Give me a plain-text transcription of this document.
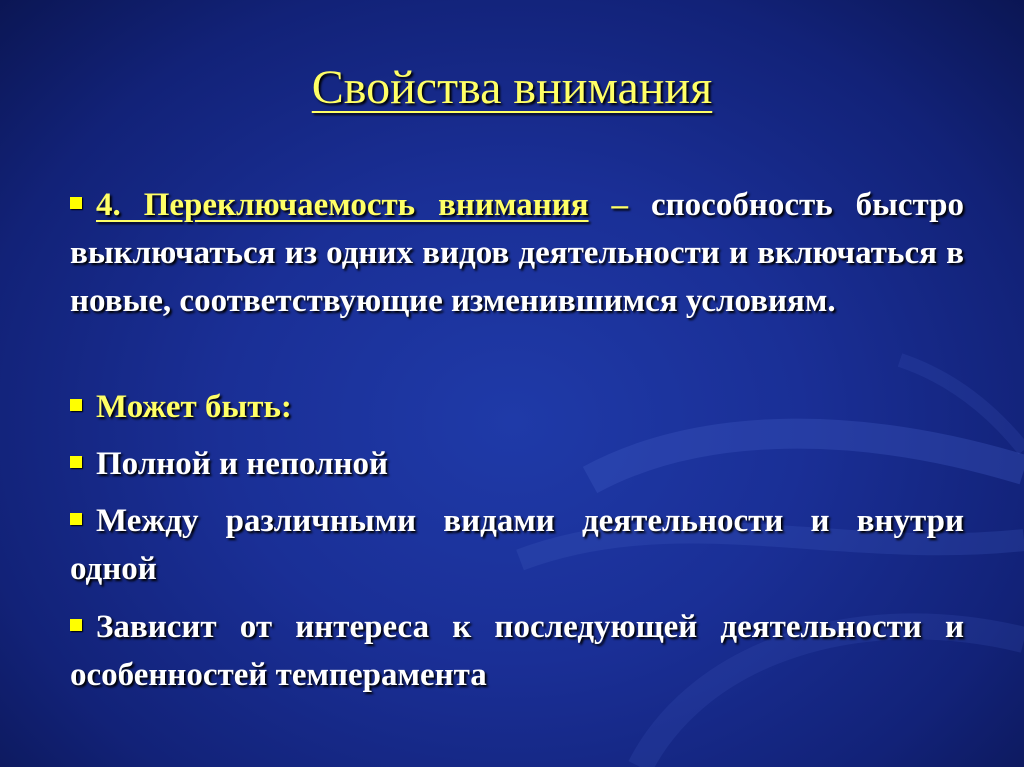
Свойства внимания
4. Переключаемость внимания – способность быстро выключаться из одних видов деятельности и включаться в новые, соответствующие изменившимся условиям.
Может быть:
Полной и неполной
Между различными видами деятельности и внутри одной
Зависит от интереса к последующей деятельности и особенностей темперамента
